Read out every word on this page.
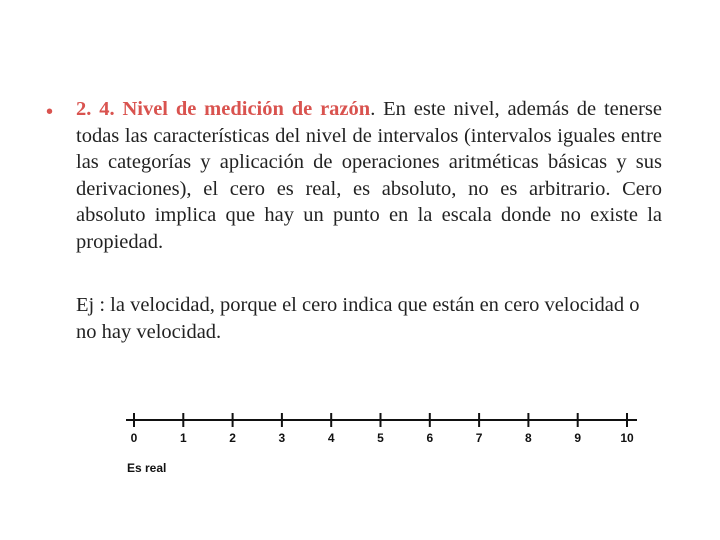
• 2. 4. Nivel de medición de razón. En este nivel, además de tenerse todas las características del nivel de intervalos (intervalos iguales entre las categorías y aplicación de operaciones aritméticas básicas y sus derivaciones), el cero es real, es absoluto, no es arbitrario. Cero absoluto implica que hay un punto en la escala donde no existe la propiedad.
Ej : la velocidad, porque el cero indica que están en cero velocidad o no hay velocidad.
0	1	2	3	4	5	6	7	8	9	10
Es real
